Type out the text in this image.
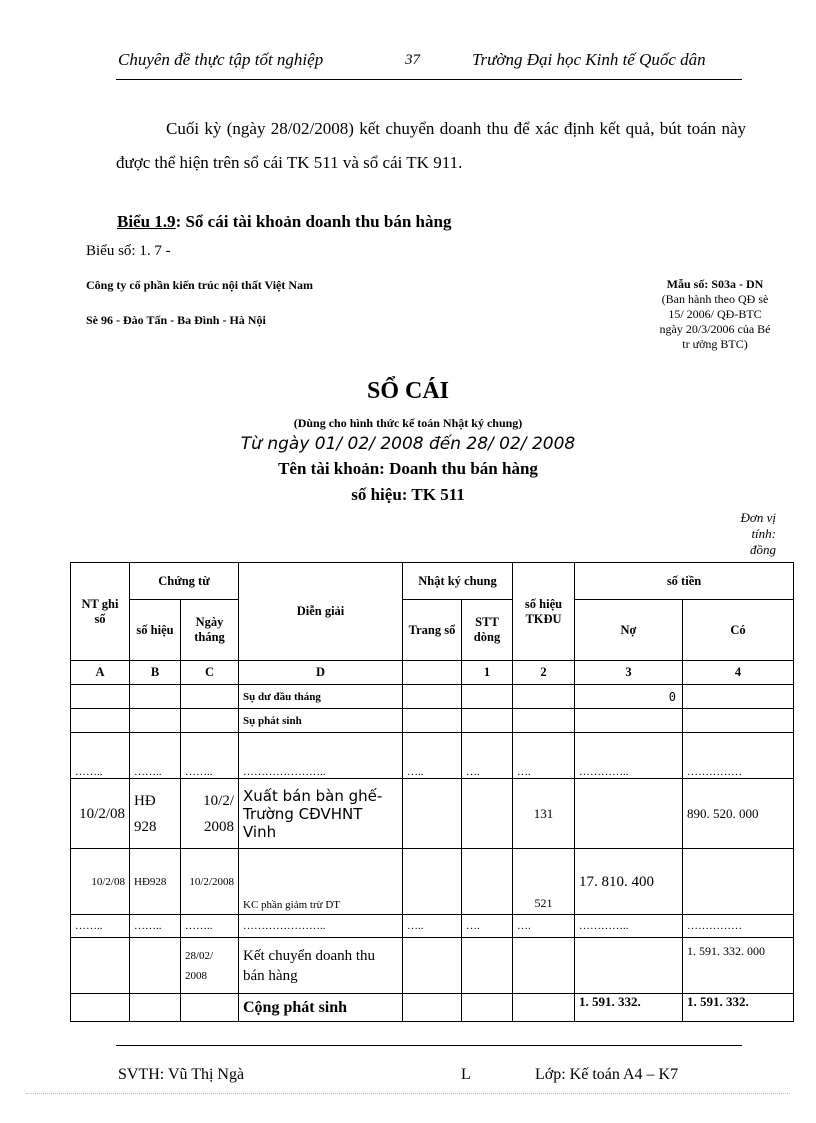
Chuyên đề thực tập tốt nghiệp	37	Trường Đại học Kinh tế Quốc dân
Cuối kỳ (ngày 28/02/2008) kết chuyển doanh thu để xác định kết quả, bút toán này được thể hiện trên sổ cái TK 511 và sổ cái TK 911.
Biểu 1.9: Sổ cái tài khoản doanh thu bán hàng
Biểu số: 1. 7 -
Công ty cổ phần kiến trúc nội thất Việt Nam
Sè 96 - Đào Tấn - Ba Đình - Hà Nội
Mẫu số: S03a - DN
(Ban hành theo QĐ sè
15/ 2006/ QĐ-BTC
ngày 20/3/2006 của Bé
tr ưởng BTC)
SỔ CÁI
(Dùng cho hình thức kế toán Nhật ký chung)
Từ ngày 01/ 02/ 2008 đến 28/ 02/ 2008
Tên tài khoản: Doanh thu bán hàng
số hiệu: TK 511
Đơn vị
tính:
đồng
NT ghi sổ	Chứng từ		Diễn giải	Nhật ký chung		số hiệu TKĐU	số tiền	
	số hiệu	Ngày tháng		Trang sổ	STT dòng		Nợ	Có
A	B	C	D		1	2	3	4
			Sụ dư đầu tháng				0	
			Sụ phát sinh					
……..	……..	……..	…………………..	…..	….	….	…………..	……………
10/2/08	HĐ 928	10/2/ 2008	Xuất bán bàn ghế- Trường CĐVHNT Vinh			131		890. 520. 000
10/2/08	HĐ928	10/2/2008	KC phần giảm trừ DT			521	17. 810. 400	
……..	……..	……..	…………………..	…..	….	….	…………..	……………
		28/02/ 2008	Kết chuyển doanh thu bán hàng					1. 591. 332. 000
			Cộng phát sinh				1. 591. 332.	1. 591. 332.
SVTH: Vũ Thị Ngà	L	Lớp: Kế toán A4 – K7
